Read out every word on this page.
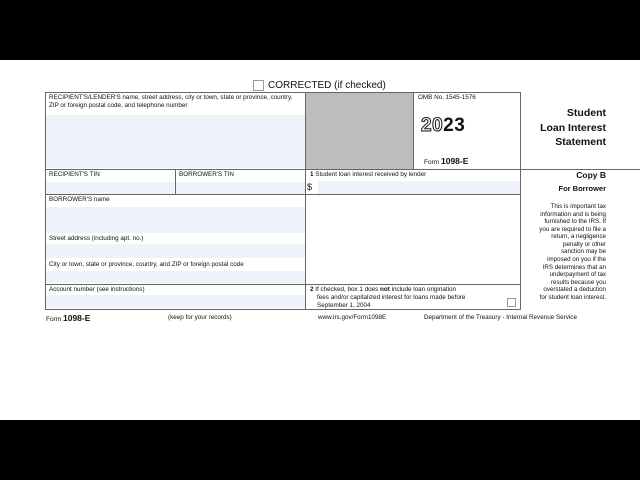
CORRECTED (if checked)
RECIPIENT'S/LENDER'S name, street address, city or town, state or province, country, ZIP or foreign postal code, and telephone number
OMB No. 1545-1576
2023
Form 1098-E
Student
Loan Interest
Statement
RECIPIENT'S TIN	BORROWER'S TIN	1 Student loan interest received by lender
$
Copy B
For Borrower
This is important tax
information and is being
furnished to the IRS. If
you are required to file a
return, a negligence
penalty or other
sanction may be
imposed on you if the
IRS determines that an
underpayment of tax
results because you
overstated a deduction
for student loan interest.
BORROWER'S name
Street address (including apt. no.)
City or town, state or province, country, and ZIP or foreign postal code
Account number (see instructions)	2 If checked, box 1 does not include loan origination
fees and/or capitalized interest for loans made before
September 1, 2004
Form 1098-E	(keep for your records)	www.irs.gov/Form1098E	Department of the Treasury - Internal Revenue Service
